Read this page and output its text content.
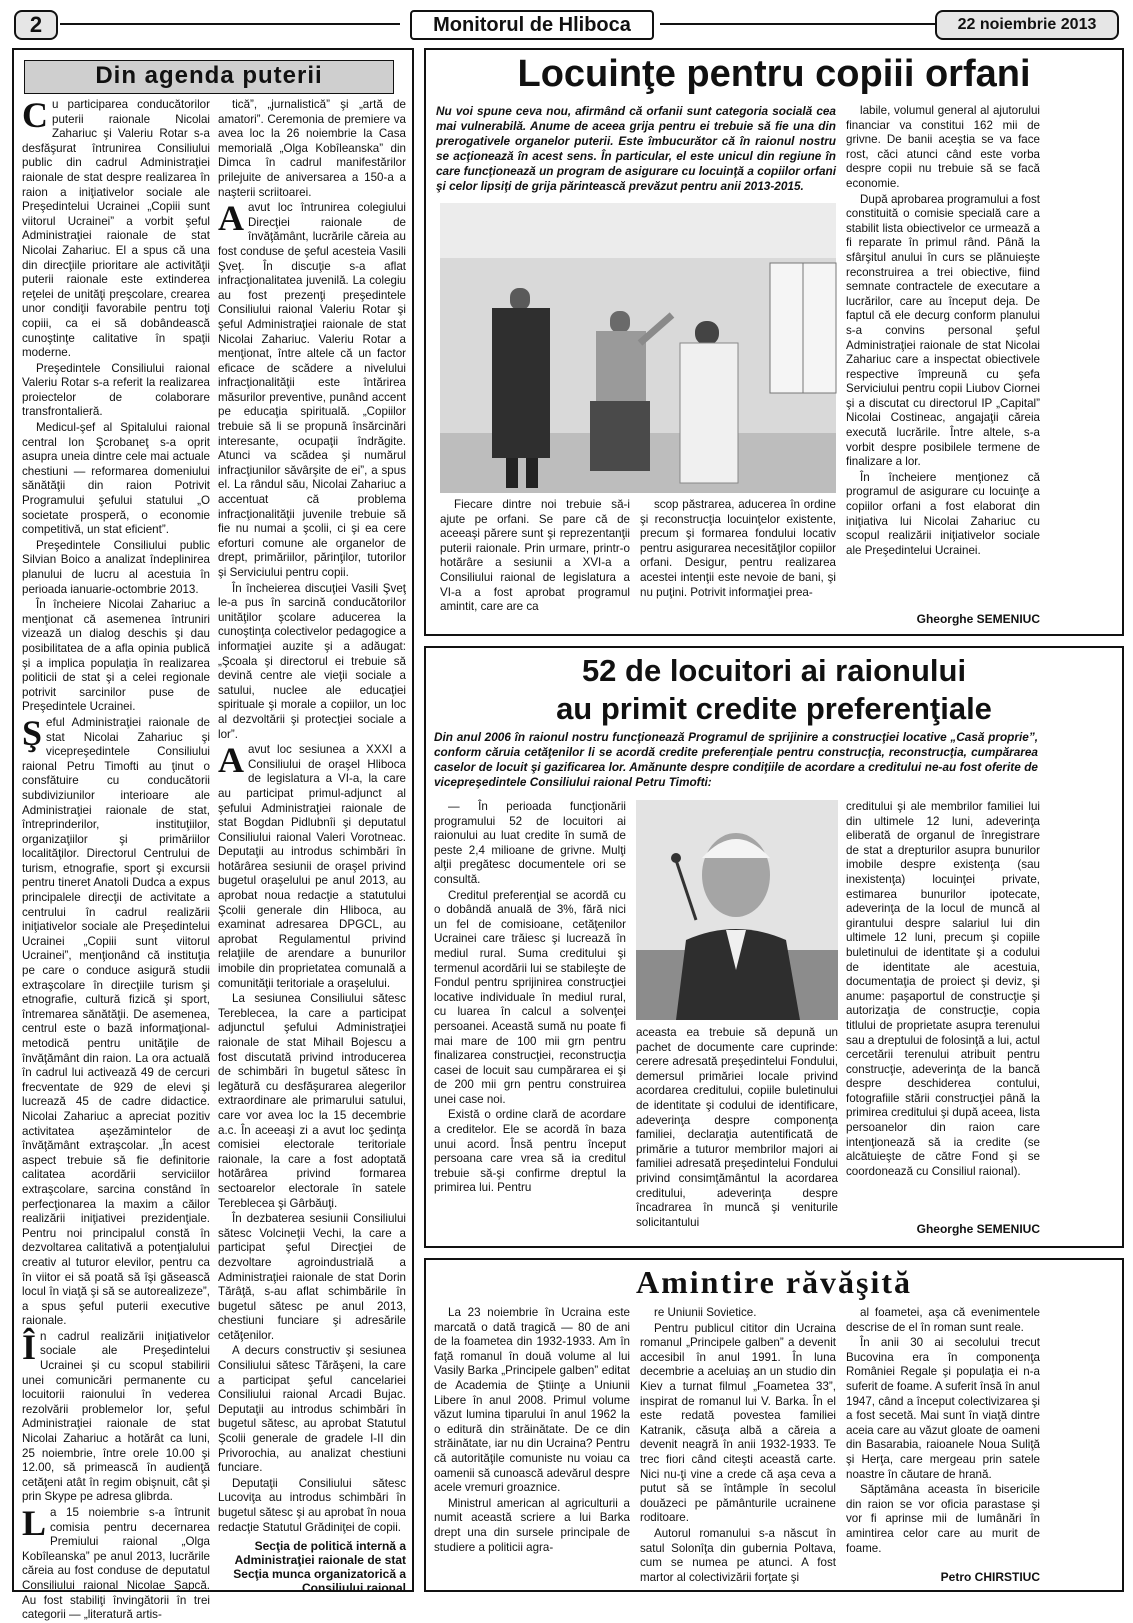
2	Monitorul de Hliboca	22 noiembrie 2013
Din agenda puterii

Cu participarea conducătorilor puterii raionale Nicolai Zahariuc şi Valeriu Rotar s-a desfăşurat întrunirea Consiliului public din cadrul Administraţiei raionale de stat despre realizarea în raion a iniţiativelor sociale ale Preşedintelui Ucrainei „Copiii sunt viitorul Ucrainei” a vorbit şeful Administraţiei raionale de stat Nicolai Zahariuc. El a spus că una din direcţiile prioritare ale activităţii puterii raionale este extinderea reţelei de unităţi preşcolare, crearea unor condiţii favorabile pentru toţi copiii, ca ei să dobândească cunoştinţe calitative în spaţii moderne.

Preşedintele Consiliului raional Valeriu Rotar s-a referit la realizarea proiectelor de colaborare transfrontalieră.

Medicul-şef al Spitalului raional central Ion Şcrobaneţ s-a oprit asupra uneia dintre cele mai actuale chestiuni — reformarea domeniului sănătăţii din raion Potrivit Programului şefului statului „O societate prosperă, o economie competitivă, un stat eficient”.

Preşedintele Consiliului public Silvian Boico a analizat îndeplinirea planului de lucru al acestuia în perioada ianuarie-octombrie 2013.

În încheiere Nicolai Zahariuc a menţionat că asemenea întruniri vizează un dialog deschis şi dau posibilitatea de a afla opinia publică şi a implica populaţia în realizarea politicii de stat şi a celei regionale potrivit sarcinilor puse de Preşedintele Ucrainei.

Şeful Administraţiei raionale de stat Nicolai Zahariuc şi vicepreşedintele Consiliului raional Petru Timofti au ţinut o consfătuire cu conducătorii subdiviziunilor interioare ale Administraţiei raionale de stat, întreprinderilor, instituţiilor, organizaţiilor şi primăriilor localităţilor. Directorul Centrului de turism, etnografie, sport şi excursii pentru tineret Anatoli Dudca a expus principalele direcţii de activitate a centrului în cadrul realizării iniţiativelor sociale ale Preşedintelui Ucrainei „Copiii sunt viitorul Ucrainei”, menţionând că instituţia pe care o conduce asigură studii extraşcolare în direcţiile turism şi etnografie, cultură fizică şi sport, întremarea sănătăţii. De asemenea, centrul este o bază informaţional-metodică pentru unităţile de învăţământ din raion. La ora actuală în cadrul lui activează 49 de cercuri frecventate de 929 de elevi şi lucrează 45 de cadre didactice. Nicolai Zahariuc a apreciat pozitiv activitatea aşezămintelor de învăţământ extraşcolar. „În acest aspect trebuie să fie definitorie calitatea acordării serviciilor extraşcolare, sarcina constând în perfecţionarea la maxim a căilor realizării iniţiativei prezidenţiale. Pentru noi principalul constă în dezvoltarea calitativă a potenţialului creativ al tuturor elevilor, pentru ca în viitor ei să poată să îşi găsească locul în viaţă şi să se autorealizeze”, a spus şeful puterii executive raionale.

În cadrul realizării iniţiativelor sociale ale Preşedintelui Ucrainei şi cu scopul stabilirii unei comunicări permanente cu locuitorii raionului în vederea rezolvării problemelor lor, şeful Administraţiei raionale de stat Nicolai Zahariuc a hotărât ca luni, 25 noiembrie, între orele 10.00 şi 12.00, să primească în audienţă cetăţeni atât în regim obişnuit, cât şi prin Skype pe adresa glibrda.

La 15 noiembrie s-a întrunit comisia pentru decernarea Premiului raional „Olga Kobîleanska” pe anul 2013, lucrările căreia au fost conduse de deputatul Consiliului raional Nicolae Şapcă. Au fost stabiliţi învingătorii în trei categorii — „literatură artis-

tică”, „jurnalistică” şi „artă de amatori”. Ceremonia de premiere va avea loc la 26 noiembrie la Casa memorială „Olga Kobîleanska” din Dimca în cadrul manifestărilor prilejuite de aniversarea a 150-a a naşterii scriitoarei.

Aavut loc întrunirea colegiului Direcţiei raionale de învăţământ, lucrările căreia au fost conduse de şeful acesteia Vasili Şveţ. În discuţie s-a aflat infracţionalitatea juvenilă. La colegiu au fost prezenţi preşedintele Consiliului raional Valeriu Rotar şi şeful Administraţiei raionale de stat Nicolai Zahariuc. Valeriu Rotar a menţionat, între altele că un factor eficace de scădere a nivelului infracţionalităţii este întărirea măsurilor preventive, punând accent pe educaţia spirituală. „Copiilor trebuie să li se propună însărcinări interesante, ocupaţii îndrăgite. Atunci va scădea şi numărul infracţiunilor săvârşite de ei”, a spus el. La rândul său, Nicolai Zahariuc a accentuat că problema infracţionalităţii juvenile trebuie să fie nu numai a şcolii, ci şi ea cere eforturi comune ale organelor de drept, primăriilor, părinţilor, tutorilor şi Serviciului pentru copii.

În încheierea discuţiei Vasili Şveţ le-a pus în sarcină conducătorilor unităţilor şcolare aducerea la cunoştinţa colectivelor pedagogice a informaţiei auzite şi a adăugat: „Şcoala şi directorul ei trebuie să devină centre ale vieţii sociale a satului, nuclee ale educaţiei spirituale şi morale a copiilor, un loc al dezvoltării şi protecţiei sociale a lor”.

Aavut loc sesiunea a XXXI a Consiliului de oraşel Hliboca de legislatura a VI-a, la care au participat primul-adjunct al şefului Administraţiei raionale de stat Bogdan Pidlubnîi şi deputatul Consiliului raional Valeri Vorotneac. Deputaţii au introdus schimbări în hotărârea sesiunii de oraşel privind bugetul oraşelului pe anul 2013, au aprobat noua redacţie a statutului Şcolii generale din Hliboca, au examinat adresarea DPGCL, au aprobat Regulamentul privind relaţiile de arendare a bunurilor imobile din proprietatea comunală a comunităţii teritoriale a oraşelului.

La sesiunea Consiliului sătesc Tereblecea, la care a participat adjunctul şefului Administraţiei raionale de stat Mihail Bojescu a fost discutată privind introducerea de schimbări în bugetul sătesc în legătură cu desfăşurarea alegerilor extraordinare ale primarului satului, care vor avea loc la 15 decembrie a.c. În aceeaşi zi a avut loc şedinţa comisiei electorale teritoriale raionale, la care a fost adoptată hotărârea privind formarea sectoarelor electorale în satele Tereblecea şi Gârbăuţi.

În dezbaterea sesiunii Consiliului sătesc Volcineţii Vechi, la care a participat şeful Direcţiei de dezvoltare agroindustrială a Administraţiei raionale de stat Dorin Tărâţă, s-au aflat schimbările în bugetul sătesc pe anul 2013, chestiuni funciare şi adresările cetăţenilor.

A decurs constructiv şi sesiunea Consiliului sătesc Tărăşeni, la care a participat şeful cancelariei Consiliului raional Arcadi Bujac. Deputaţii au introdus schimbări în bugetul sătesc, au aprobat Statutul Şcolii generale de gradele I-II din Privorochia, au analizat chestiuni funciare.

Deputaţii Consiliului sătesc Lucoviţa au introdus schimbări în bugetul sătesc şi au aprobat în noua redacţie Statutul Grădiniţei de copii.

Secţia de politică internă a Administraţiei raionale de stat
Secţia munca organizatorică a Consiliului raional
Locuinţe pentru copiii orfani
Nu voi spune ceva nou, afirmând că orfanii sunt categoria socială cea mai vulnerabilă. Anume de aceea grija pentru ei trebuie să fie una din prerogativele organelor puterii. Este îmbucurător că în raionul nostru se acţionează în acest sens. În particular, el este unicul din regiune în care funcţionează un program de asigurare cu locuinţă a copiilor orfani şi celor lipsiţi de grija părintească prevăzut pentru anii 2013-2015.

Fiecare dintre noi trebuie să-i ajute pe orfani. Se pare că de aceeaşi părere sunt şi reprezentanţii puterii raionale. Prin urmare, printr-o hotărâre a sesiunii a XVI-a a Consiliului raional de legislatura a VI-a a fost aprobat programul amintit, care are ca

scop păstrarea, aducerea în ordine şi reconstrucţia locuinţelor existente, precum şi formarea fondului locativ pentru asigurarea necesităţilor copiilor orfani. Desigur, pentru realizarea acestei intenţii este nevoie de bani, şi nu puţini. Potrivit informaţiei prea-

labile, volumul general al ajutorului financiar va constitui 162 mii de grivne. De banii aceştia se va face rost, căci atunci când este vorba despre copii nu trebuie să se facă economie.

După aprobarea programului a fost constituită o comisie specială care a stabilit lista obiectivelor ce urmează a fi reparate în primul rând. Până la sfârşitul anului în curs se plănuieşte reconstruirea a trei obiective, fiind semnate contractele de executare a lucrărilor, care au început deja. De faptul că ele decurg conform planului s-a convins personal şeful Administraţiei raionale de stat Nicolai Zahariuc care a inspectat obiectivele respective împreună cu şefa Serviciului pentru copii Liubov Ciornei şi a discutat cu directorul IP „Capital” Nicolai Costineac, angajaţii căreia execută lucrările. Între altele, s-a vorbit despre posibilele termene de finalizare a lor.

În încheiere menţionez că programul de asigurare cu locuinţe a copiilor orfani a fost elaborat din iniţiativa lui Nicolai Zahariuc cu scopul realizării iniţiativelor sociale ale Preşedintelui Ucrainei.

Gheorghe SEMENIUC
52 de locuitori ai raionului
au primit credite preferenţiale
Din anul 2006 în raionul nostru funcţionează Programul de sprijinire a construcţiei locative „Casă proprie”, conform căruia cetăţenilor li se acordă credite preferenţiale pentru construcţia, reconstrucţia, cumpărarea caselor de locuit şi gazificarea lor. Amănunte despre condiţiile de acordare a creditului ne-au fost oferite de vicepreşedintele Consiliului raional Petru Timofti:

— În perioada funcţionării programului 52 de locuitori ai raionului au luat credite în sumă de peste 2,4 milioane de grivne. Mulţi alţii pregătesc documentele ori se consultă.

Creditul preferenţial se acordă cu o dobândă anuală de 3%, fără nici un fel de comisioane, cetăţenilor Ucrainei care trăiesc şi lucrează în mediul rural. Suma creditului şi termenul acordării lui se stabileşte de Fondul pentru sprijinirea construcţiei locative individuale în mediul rural, cu luarea în calcul a solvenţei persoanei. Această sumă nu poate fi mai mare de 100 mii grn pentru finalizarea construcţiei, reconstrucţia casei de locuit sau cumpărarea ei şi de 200 mii grn pentru construirea unei case noi.

Există o ordine clară de acordare a creditelor. Ele se acordă în baza unui acord. Însă pentru început persoana care vrea să ia creditul trebuie să-şi confirme dreptul la primirea lui. Pentru

aceasta ea trebuie să depună un pachet de documente care cuprinde: cerere adresată preşedintelui Fondului, demersul primăriei locale privind acordarea creditului, copiile buletinului de identitate şi codului de identificare, adeverinţa despre componenţa familiei, declaraţia autentificată de primărie a tuturor membrilor majori ai familiei adresată preşedintelui Fondului privind consimţământul la acordarea creditului, adeverinţa despre încadrarea în muncă şi veniturile solicitantului

creditului şi ale membrilor familiei lui din ultimele 12 luni, adeverinţa eliberată de organul de înregistrare de stat a drepturilor asupra bunurilor imobile despre existenţa (sau inexistenţa) locuinţei private, estimarea bunurilor ipotecate, adeverinţa de la locul de muncă al girantului despre salariul lui din ultimele 12 luni, precum şi copiile buletinului de identitate şi a codului de identitate ale acestuia, documentaţia de proiect şi deviz, şi anume: paşaportul de construcţie şi autorizaţia de construcţie, copia titlului de proprietate asupra terenului sau a dreptului de folosinţă a lui, actul cercetării terenului atribuit pentru construcţie, adeverinţa de la bancă despre deschiderea contului, fotografiile stării construcţiei până la primirea creditului şi după aceea, lista persoanelor din raion care intenţionează să ia credite (se alcătuieşte de către Fond şi se coordonează cu Consiliul raional).

Gheorghe SEMENIUC
Amintire răvăşită

La 23 noiembrie în Ucraina este marcată o dată tragică — 80 de ani de la foametea din 1932-1933. Am în faţă romanul în două volume al lui Vasily Barka „Principele galben” editat de Academia de Ştiinţe a Uniunii Libere în anul 2008. Primul volume văzut lumina tiparului în anul 1962 la o editură din străinătate. De ce din străinătate, iar nu din Ucraina? Pentru că autorităţile comuniste nu voiau ca oamenii să cunoască adevărul despre acele vremuri groaznice.

Ministrul american al agriculturii a numit această scriere a lui Barka drept una din sursele principale de studiere a politicii agra-

re Uniunii Sovietice.

Pentru publicul cititor din Ucraina romanul „Principele galben” a devenit accesibil în anul 1991. În luna decembrie a aceluiaş an un studio din Kiev a turnat filmul „Foametea 33”, inspirat de romanul lui V. Barka. În el este redată povestea familiei Katranik, căsuţa albă a căreia a devenit neagră în anii 1932-1933. Te trec fiori când citeşti această carte. Nici nu-ţi vine a crede că aşa ceva a putut să se întâmple în secolul douăzeci pe pământurile ucrainene roditoare.

Autorul romanului s-a născut în satul Solonîţa din gubernia Poltava, cum se numea pe atunci. A fost martor al colectivizării forţate şi

al foametei, aşa că evenimentele descrise de el în roman sunt reale.

În anii 30 ai secolului trecut Bucovina era în componenţa României Regale şi populaţia ei n-a suferit de foame. A suferit însă în anul 1947, când a început colectivizarea şi a fost secetă. Mai sunt în viaţă dintre aceia care au văzut gloate de oameni din Basarabia, raioanele Noua Suliţă şi Herţa, care mergeau prin satele noastre în căutare de hrană.

Săptămâna aceasta în bisericile din raion se vor oficia parastase şi vor fi aprinse mii de lumânări în amintirea celor care au murit de foame.

Petro CHIRSTIUC
